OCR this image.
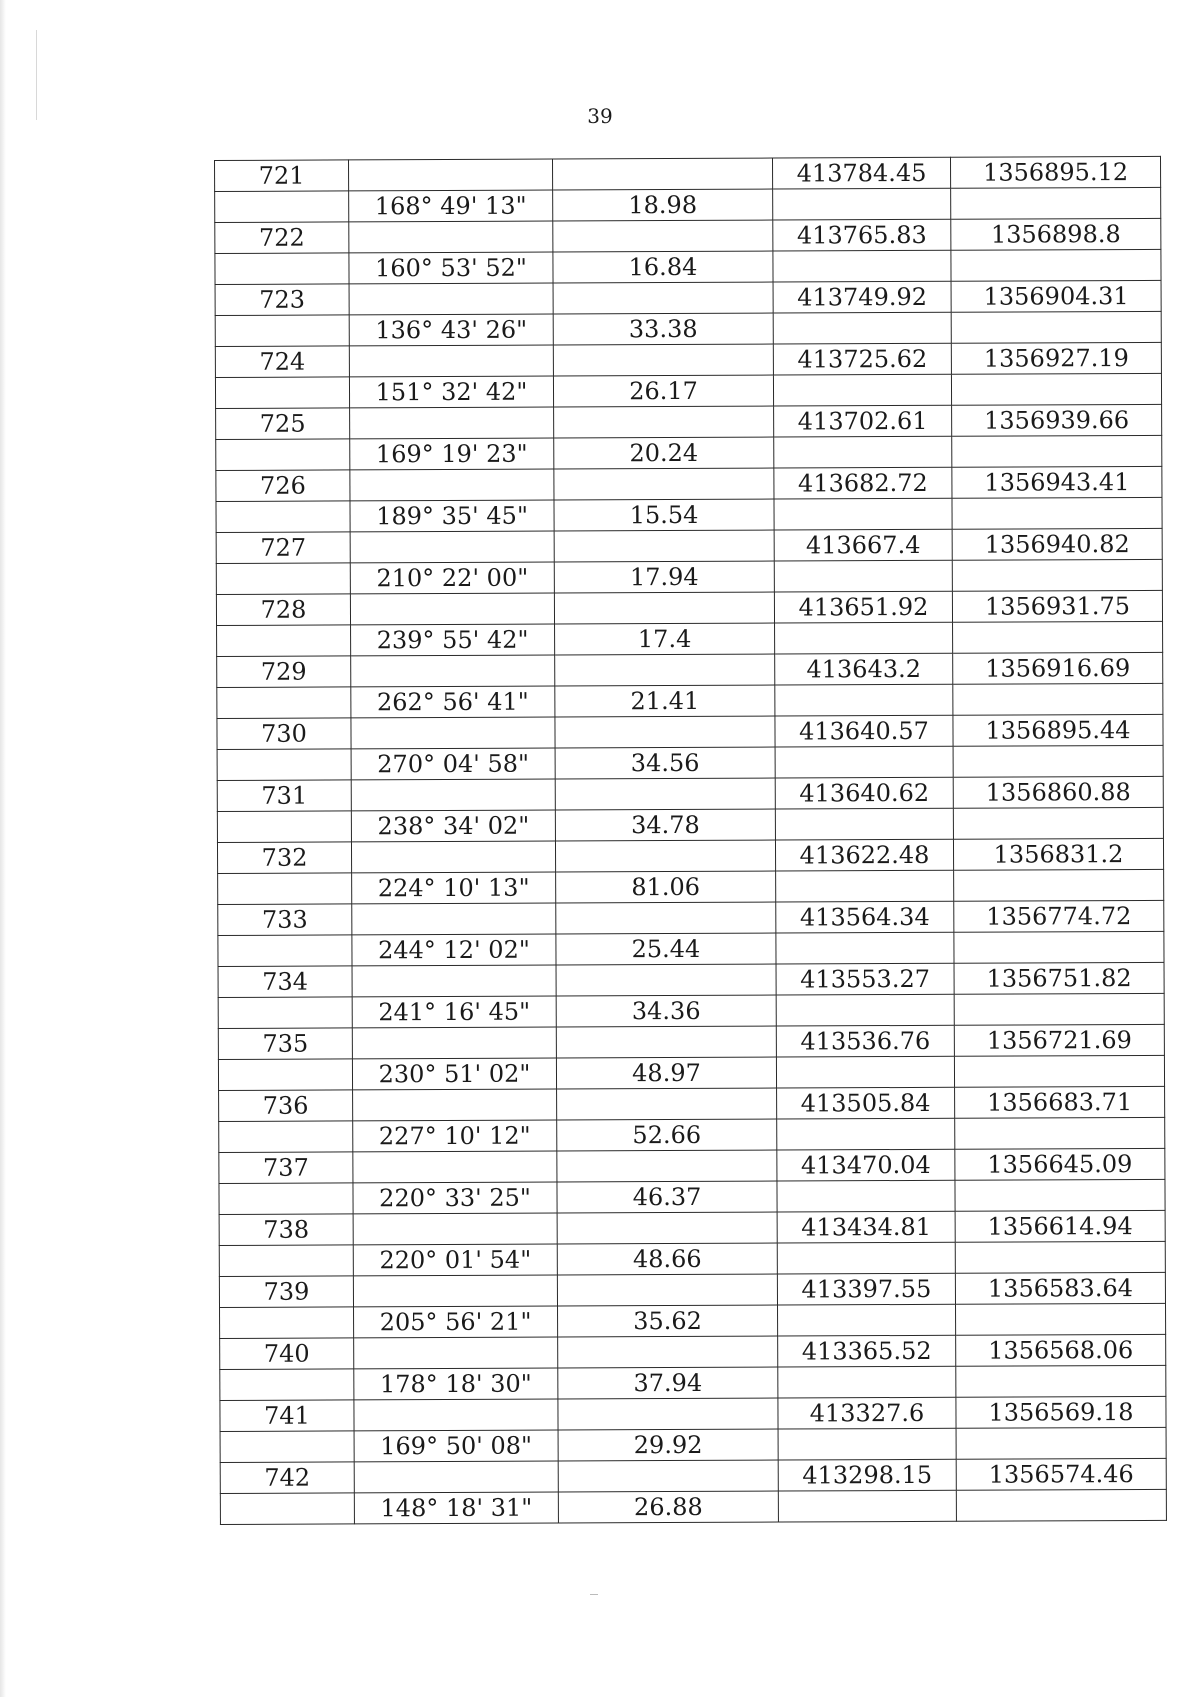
39
721			413784.45	1356895.12
	168° 49' 13"	18.98		
722			413765.83	1356898.8
	160° 53' 52"	16.84		
723			413749.92	1356904.31
	136° 43' 26"	33.38		
724			413725.62	1356927.19
	151° 32' 42"	26.17		
725			413702.61	1356939.66
	169° 19' 23"	20.24		
726			413682.72	1356943.41
	189° 35' 45"	15.54		
727			413667.4	1356940.82
	210° 22' 00"	17.94		
728			413651.92	1356931.75
	239° 55' 42"	17.4		
729			413643.2	1356916.69
	262° 56' 41"	21.41		
730			413640.57	1356895.44
	270° 04' 58"	34.56		
731			413640.62	1356860.88
	238° 34' 02"	34.78		
732			413622.48	1356831.2
	224° 10' 13"	81.06		
733			413564.34	1356774.72
	244° 12' 02"	25.44		
734			413553.27	1356751.82
	241° 16' 45"	34.36		
735			413536.76	1356721.69
	230° 51' 02"	48.97		
736			413505.84	1356683.71
	227° 10' 12"	52.66		
737			413470.04	1356645.09
	220° 33' 25"	46.37		
738			413434.81	1356614.94
	220° 01' 54"	48.66		
739			413397.55	1356583.64
	205° 56' 21"	35.62		
740			413365.52	1356568.06
	178° 18' 30"	37.94		
741			413327.6	1356569.18
	169° 50' 08"	29.92		
742			413298.15	1356574.46
	148° 18' 31"	26.88		
